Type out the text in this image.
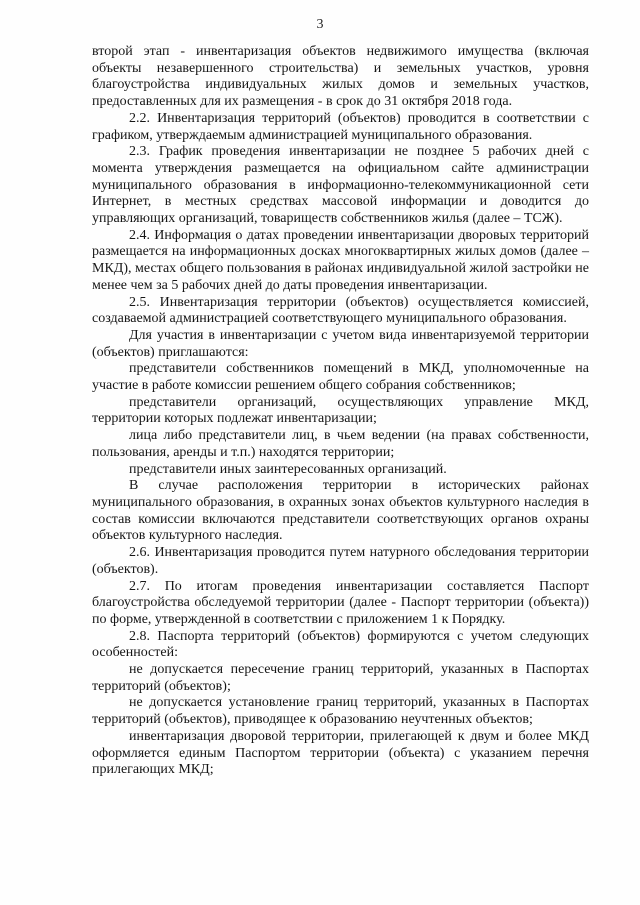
3

второй этап - инвентаризация объектов недвижимого имущества (включая объекты незавершенного строительства) и земельных участков, уровня благоустройства индивидуальных жилых домов и земельных участков, предоставленных для их размещения - в срок до 31 октября 2018 года.

2.2. Инвентаризация территорий (объектов) проводится в соответствии с графиком, утверждаемым администрацией муниципального образования.

2.3. График проведения инвентаризации не позднее 5 рабочих дней с момента утверждения размещается на официальном сайте администрации муниципального образования в информационно-телекоммуникационной сети Интернет, в местных средствах массовой информации и доводится до управляющих организаций, товариществ собственников жилья (далее – ТСЖ).

2.4. Информация о датах проведении инвентаризации дворовых территорий размещается на информационных досках многоквартирных жилых домов (далее – МКД), местах общего пользования в районах индивидуальной жилой застройки не менее чем за 5 рабочих дней до даты проведения инвентаризации.

2.5. Инвентаризация территории (объектов) осуществляется комиссией, создаваемой администрацией соответствующего муниципального образования.

Для участия в инвентаризации с учетом вида инвентаризуемой территории (объектов) приглашаются:

представители собственников помещений в МКД, уполномоченные на участие в работе комиссии решением общего собрания собственников;

представители организаций, осуществляющих управление МКД, территории которых подлежат инвентаризации;

лица либо представители лиц, в чьем ведении (на правах собственности, пользования, аренды и т.п.) находятся территории;

представители иных заинтересованных организаций.

В случае расположения территории в исторических районах муниципального образования, в охранных зонах объектов культурного наследия в состав комиссии включаются представители соответствующих органов охраны объектов культурного наследия.

2.6. Инвентаризация проводится путем натурного обследования территории (объектов).

2.7. По итогам проведения инвентаризации составляется Паспорт благоустройства обследуемой территории (далее - Паспорт территории (объекта)) по форме, утвержденной в соответствии с приложением 1 к Порядку.

2.8. Паспорта территорий (объектов) формируются с учетом следующих особенностей:

не допускается пересечение границ территорий, указанных в Паспортах территорий (объектов);

не допускается установление границ территорий, указанных в Паспортах территорий (объектов), приводящее к образованию неучтенных объектов;

инвентаризация дворовой территории, прилегающей к двум и более МКД оформляется единым Паспортом территории (объекта) с указанием перечня прилегающих МКД;
